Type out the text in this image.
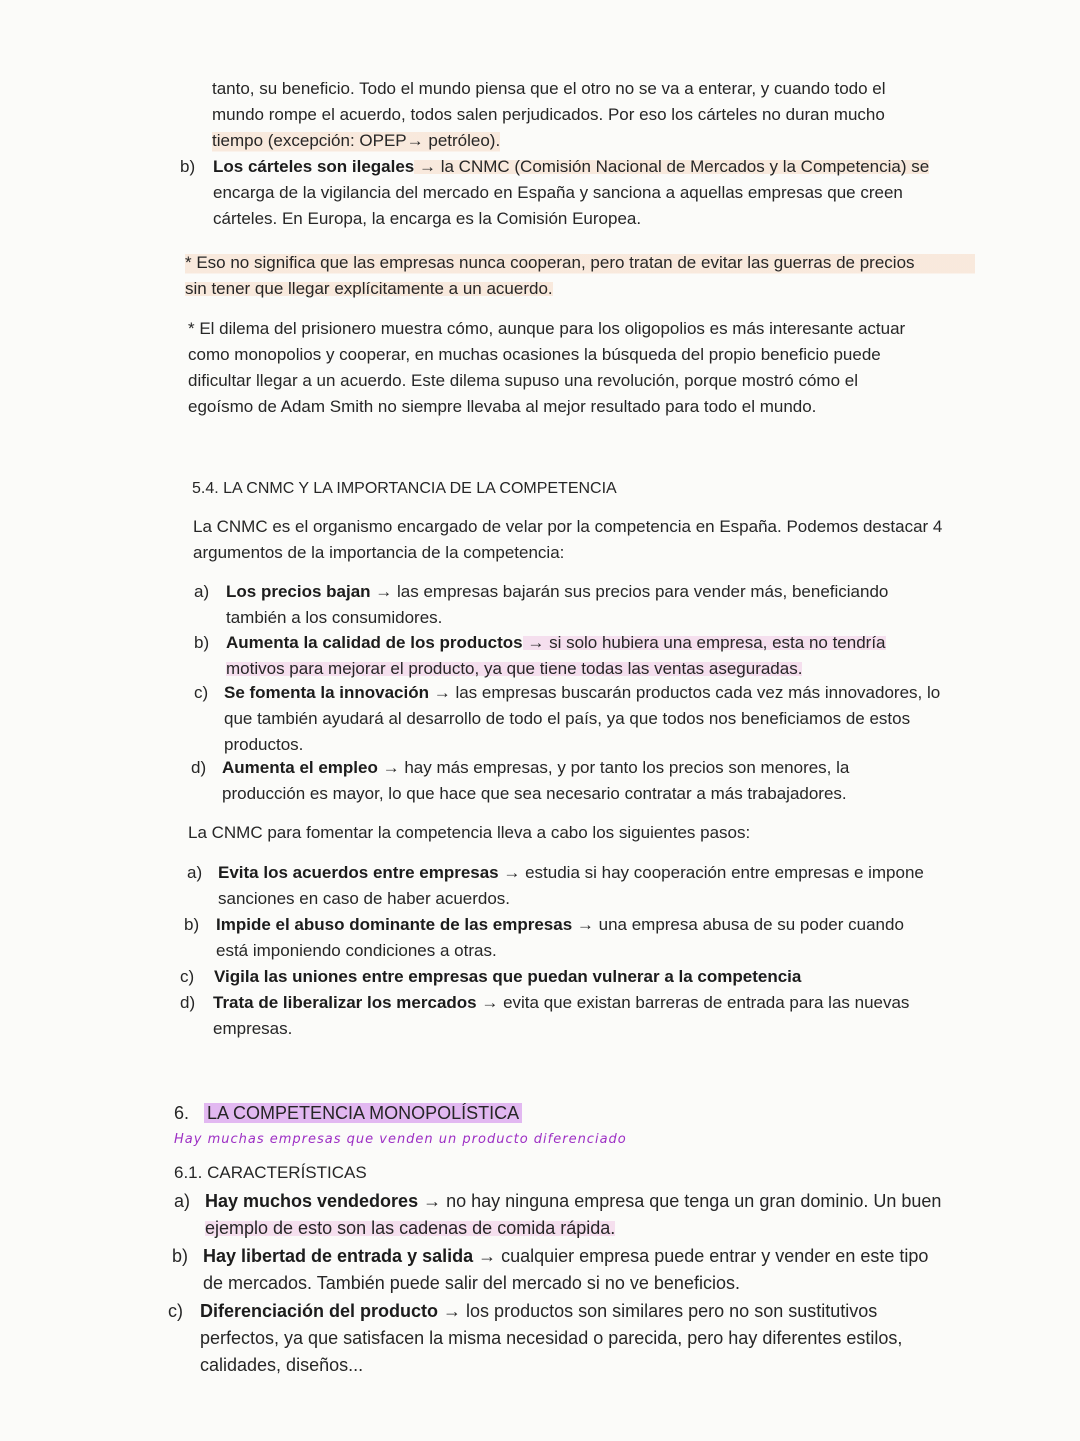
tanto, su beneficio. Todo el mundo piensa que el otro no se va a enterar, y cuando todo el

mundo rompe el acuerdo, todos salen perjudicados. Por eso los cárteles no duran mucho

tiempo (excepción: OPEP→ petróleo).

b) Los cárteles son ilegales → la CNMC (Comisión Nacional de Mercados y la Competencia) se

encarga de la vigilancia del mercado en España y sanciona a aquellas empresas que creen

cárteles. En Europa, la encarga es la Comisión Europea.

* Eso no significa que las empresas nunca cooperan, pero tratan de evitar las guerras de precios

sin tener que llegar explícitamente a un acuerdo.

* El dilema del prisionero muestra cómo, aunque para los oligopolios es más interesante actuar

como monopolios y cooperar, en muchas ocasiones la búsqueda del propio beneficio puede

dificultar llegar a un acuerdo. Este dilema supuso una revolución, porque mostró cómo el

egoísmo de Adam Smith no siempre llevaba al mejor resultado para todo el mundo.

5.4. LA CNMC Y LA IMPORTANCIA DE LA COMPETENCIA

La CNMC es el organismo encargado de velar por la competencia en España. Podemos destacar 4

argumentos de la importancia de la competencia:

a) Los precios bajan → las empresas bajarán sus precios para vender más, beneficiando

también a los consumidores.

b) Aumenta la calidad de los productos → si solo hubiera una empresa, esta no tendría

motivos para mejorar el producto, ya que tiene todas las ventas aseguradas.

c) Se fomenta la innovación → las empresas buscarán productos cada vez más innovadores, lo

que también ayudará al desarrollo de todo el país, ya que todos nos beneficiamos de estos

productos.

d) Aumenta el empleo → hay más empresas, y por tanto los precios son menores, la

producción es mayor, lo que hace que sea necesario contratar a más trabajadores.

La CNMC para fomentar la competencia lleva a cabo los siguientes pasos:
a) Evita los acuerdos entre empresas → estudia si hay cooperación entre empresas e impone

sanciones en caso de haber acuerdos.

b) Impide el abuso dominante de las empresas → una empresa abusa de su poder cuando

está imponiendo condiciones a otras.

c) Vigila las uniones entre empresas que puedan vulnerar a la competencia

d) Trata de liberalizar los mercados → evita que existan barreras de entrada para las nuevas

empresas.

6. LA COMPETENCIA MONOPOLÍSTICA
Hay muchas empresas que venden un producto diferenciado
6.1. CARACTERÍSTICAS
a) Hay muchos vendedores → no hay ninguna empresa que tenga un gran dominio. Un buen

ejemplo de esto son las cadenas de comida rápida.

b) Hay libertad de entrada y salida → cualquier empresa puede entrar y vender en este tipo

de mercados. También puede salir del mercado si no ve beneficios.

c) Diferenciación del producto → los productos son similares pero no son sustitutivos

perfectos, ya que satisfacen la misma necesidad o parecida, pero hay diferentes estilos,

calidades, diseños...
